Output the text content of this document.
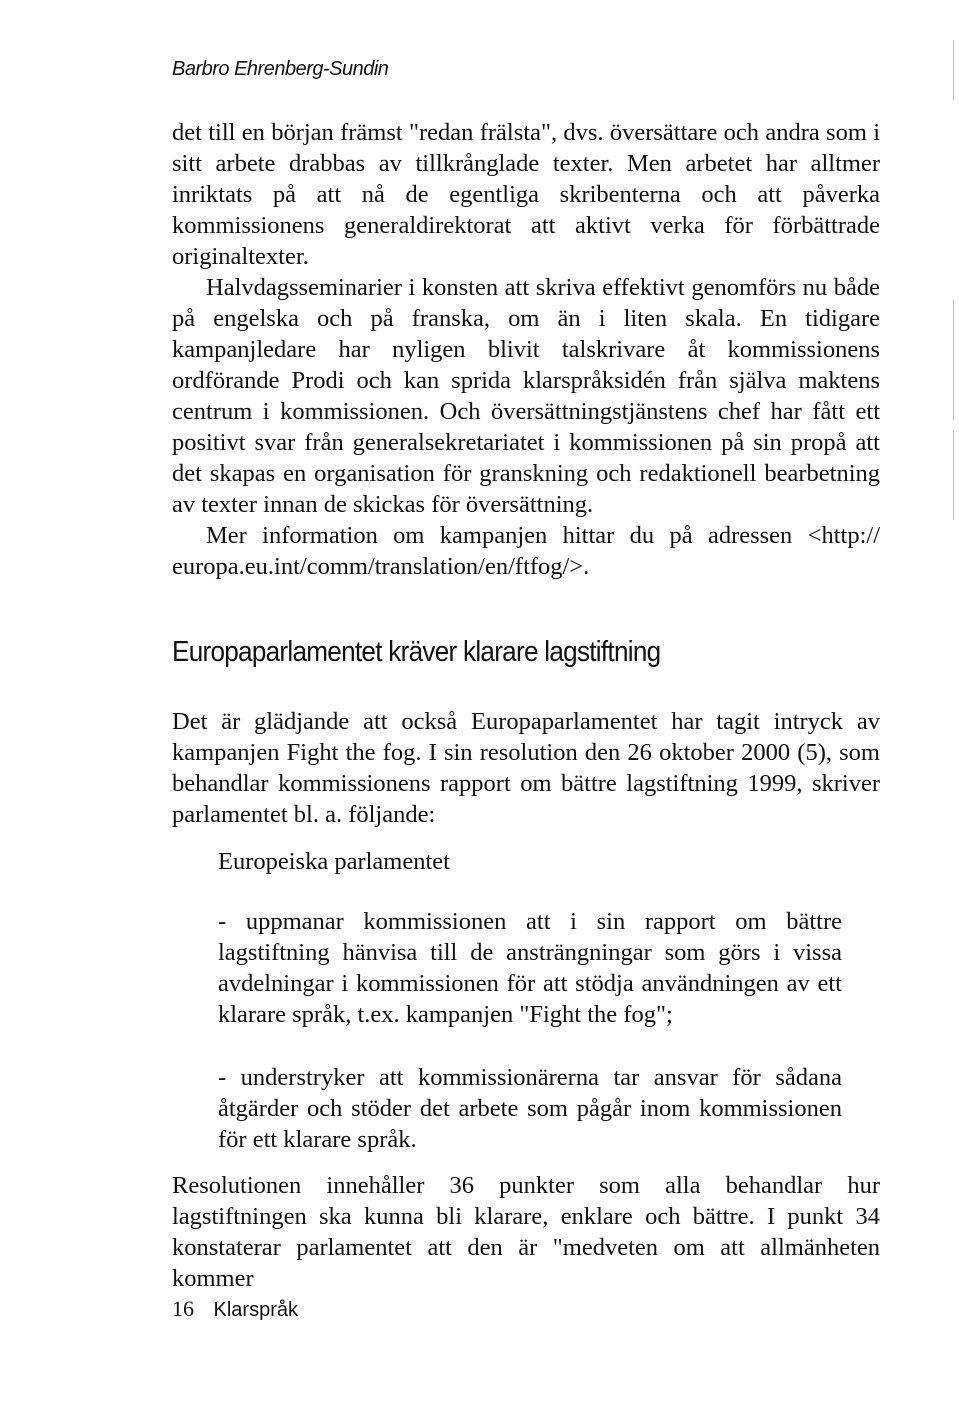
Barbro Ehrenberg-Sundin

det till en början främst "redan frälsta", dvs. översättare och andra som i sitt arbete drabbas av tillkrånglade texter. Men arbetet har alltmer inriktats på att nå de egentliga skribenterna och att påverka kommissionens generaldirektorat att aktivt verka för förbättrade originaltexter.

Halvdagsseminarier i konsten att skriva effektivt genomförs nu både på engelska och på franska, om än i liten skala. En tidigare kampanjledare har nyligen blivit talskrivare åt kommissionens ordförande Prodi och kan sprida klarspråksidén från själva maktens centrum i kommissionen. Och översättningstjänstens chef har fått ett positivt svar från generalsekretariatet i kommissionen på sin propå att det skapas en organisation för granskning och redaktionell bearbetning av texter innan de skickas för översättning.

Mer information om kampanjen hittar du på adressen <http:// europa.eu.int/comm/translation/en/ftfog/>.

Europaparlamentet kräver klarare lagstiftning

Det är glädjande att också Europaparlamentet har tagit intryck av kampanjen Fight the fog. I sin resolution den 26 oktober 2000 (5), som behandlar kommissionens rapport om bättre lagstiftning 1999, skriver parlamentet bl. a. följande:

Europeiska parlamentet

- uppmanar kommissionen att i sin rapport om bättre lagstiftning hänvisa till de ansträngningar som görs i vissa avdelningar i kommissionen för att stödja användningen av ett klarare språk, t.ex. kampanjen "Fight the fog";

- understryker att kommissionärerna tar ansvar för sådana åtgärder och stöder det arbete som pågår inom kommissionen för ett klarare språk.

Resolutionen innehåller 36 punkter som alla behandlar hur lagstiftningen ska kunna bli klarare, enklare och bättre. I punkt 34 konstaterar parlamentet att den är "medveten om att allmänheten kommer

16 Klarspråk
